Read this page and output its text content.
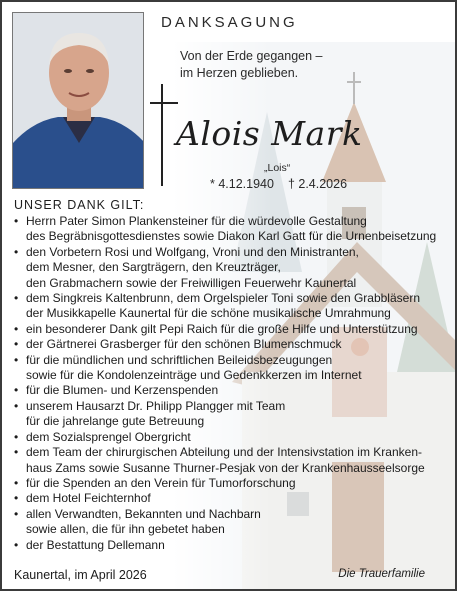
DANKSAGUNG
Von der Erde gegangen –
im Herzen geblieben.
Alois Mark
„Lois“
* 4.12.1940 † 2.4.2026
UNSER DANK GILT:
• Herrn Pater Simon Plankensteiner für die würdevolle Gestaltung
des Begräbnisgottesdienstes sowie Diakon Karl Gatt für die Urnenbeisetzung
• den Vorbetern Rosi und Wolfgang, Vroni und den Ministranten,
dem Mesner, den Sargträgern, den Kreuzträger,
den Grabmachern sowie der Freiwilligen Feuerwehr Kaunertal
• dem Singkreis Kaltenbrunn, dem Orgelspieler Toni sowie den Grabbläsern
der Musikkapelle Kaunertal für die schöne musikalische Umrahmung
• ein besonderer Dank gilt Pepi Raich für die große Hilfe und Unterstützung
• der Gärtnerei Grasberger für den schönen Blumenschmuck
• für die mündlichen und schriftlichen Beileidsbezeugungen
sowie für die Kondolenzeinträge und Gedenkkerzen im Internet
• für die Blumen- und Kerzenspenden
• unserem Hausarzt Dr. Philipp Plangger mit Team
für die jahrelange gute Betreuung
• dem Sozialsprengel Obergricht
• dem Team der chirurgischen Abteilung und der Intensivstation im Kranken-
haus Zams sowie Susanne Thurner-Pesjak von der Krankenhausseelsorge
• für die Spenden an den Verein für Tumorforschung
• dem Hotel Feichternhof
• allen Verwandten, Bekannten und Nachbarn
sowie allen, die für ihn gebetet haben
• der Bestattung Dellemann
Kaunertal, im April 2026	Die Trauerfamilie
